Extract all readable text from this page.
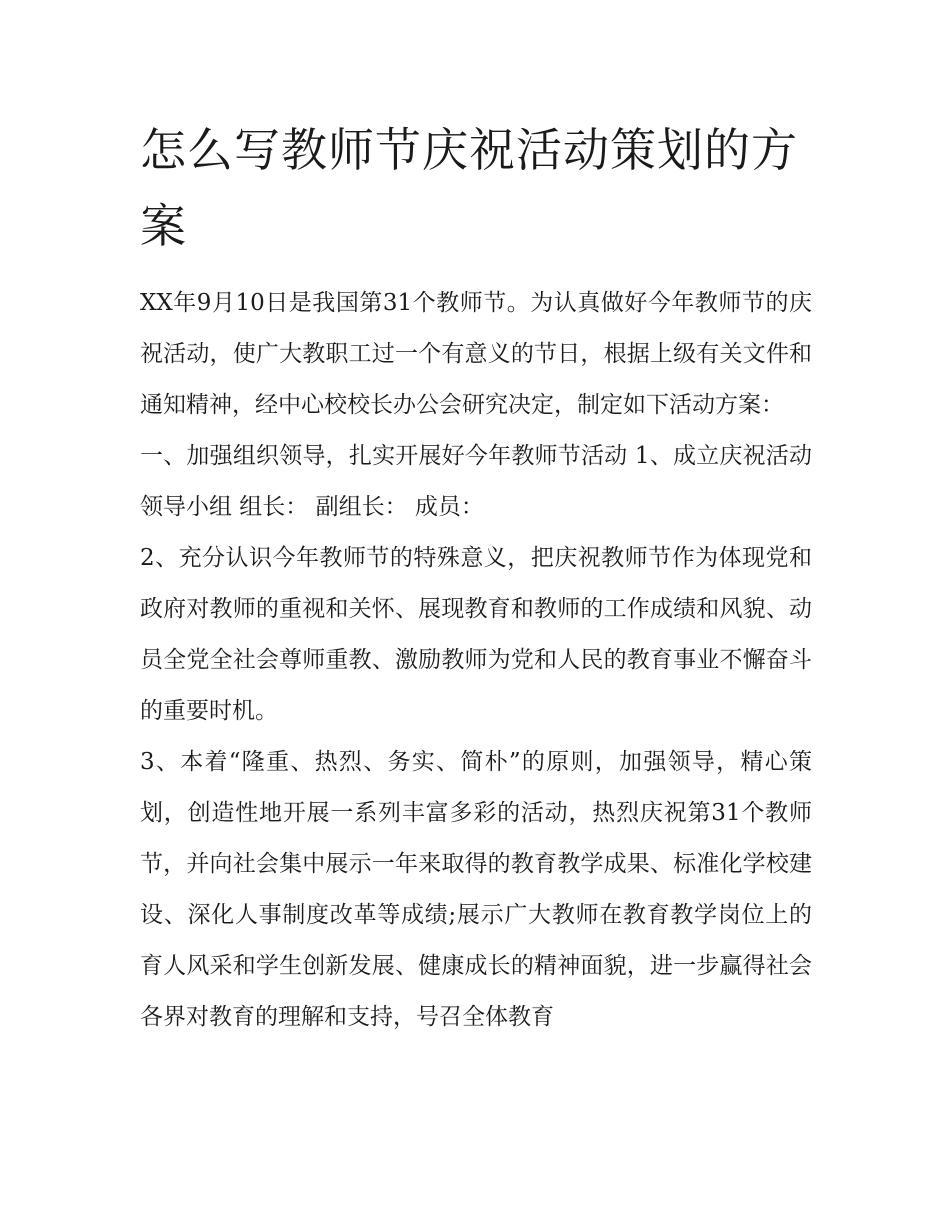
怎么写教师节庆祝活动策划的方案

XX年9月10日是我国第31个教师节。为认真做好今年教师节的庆祝活动，使广大教职工过一个有意义的节日，根据上级有关文件和通知精神，经中心校校长办公会研究决定，制定如下活动方案：

一、加强组织领导，扎实开展好今年教师节活动 1、成立庆祝活动领导小组 组长： 副组长： 成员：

2、充分认识今年教师节的特殊意义，把庆祝教师节作为体现党和政府对教师的重视和关怀、展现教育和教师的工作成绩和风貌、动员全党全社会尊师重教、激励教师为党和人民的教育事业不懈奋斗的重要时机。

3、本着“隆重、热烈、务实、简朴”的原则，加强领导，精心策划，创造性地开展一系列丰富多彩的活动，热烈庆祝第31个教师节，并向社会集中展示一年来取得的教育教学成果、标准化学校建设、深化人事制度改革等成绩;展示广大教师在教育教学岗位上的育人风采和学生创新发展、健康成长的精神面貌，进一步赢得社会各界对教育的理解和支持，号召全体教育
